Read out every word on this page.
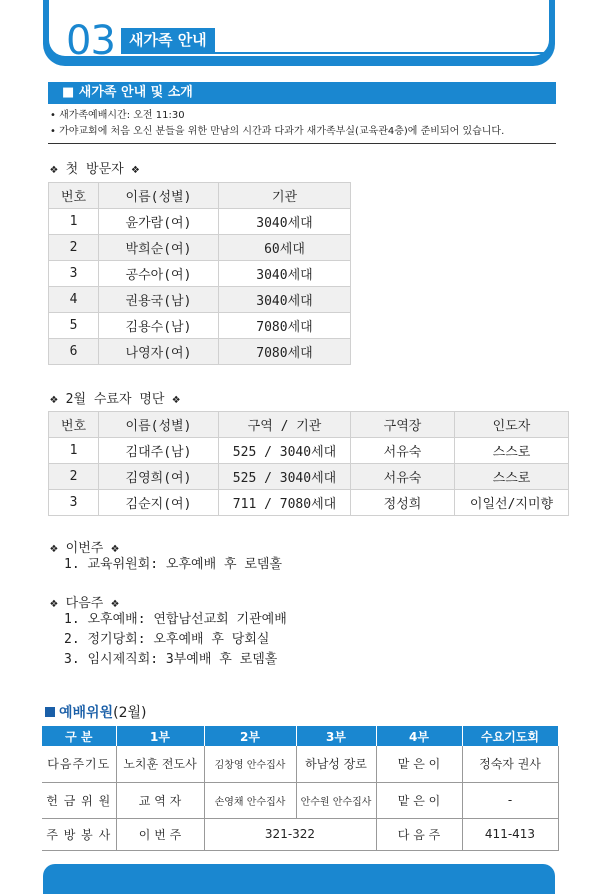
03 새가족 안내
■ 새가족 안내 및 소개
• 새가족예배시간: 오전 11:30
• 가야교회에 처음 오신 분들을 위한 만남의 시간과 다과가 새가족부실(교육관4층)에 준비되어 있습니다.
❖ 첫 방문자 ❖
번호	이름(성별)	기관
1	윤가람(여)	3040세대
2	박희순(여)	60세대
3	공수아(여)	3040세대
4	권용국(남)	3040세대
5	김용수(남)	7080세대
6	나영자(여)	7080세대
❖ 2월 수료자 명단 ❖
번호	이름(성별)	구역 / 기관	구역장	인도자
1	김대주(남)	525 / 3040세대	서유숙	스스로
2	김영희(여)	525 / 3040세대	서유숙	스스로
3	김순지(여)	711 / 7080세대	정성희	이일선/지미향
❖ 이번주 ❖
1. 교육위원회: 오후예배 후 로뎀홀
❖ 다음주 ❖
1. 오후예배: 연합남선교회 기관예배
2. 정기당회: 오후예배 후 당회실
3. 임시제직회: 3부예배 후 로뎀홀
예배위원(2월)
구 분	1부	2부	3부	4부	수요기도회
다음주기도	노치훈 전도사	김창영 안수집사	하남성 장로	맡 은 이	정숙자 권사
헌 금 위 원	교 역 자	손영채 안수집사	안수원 안수집사	맡 은 이	-
주 방 봉 사	이 번 주	321-322		다 음 주	411-413
